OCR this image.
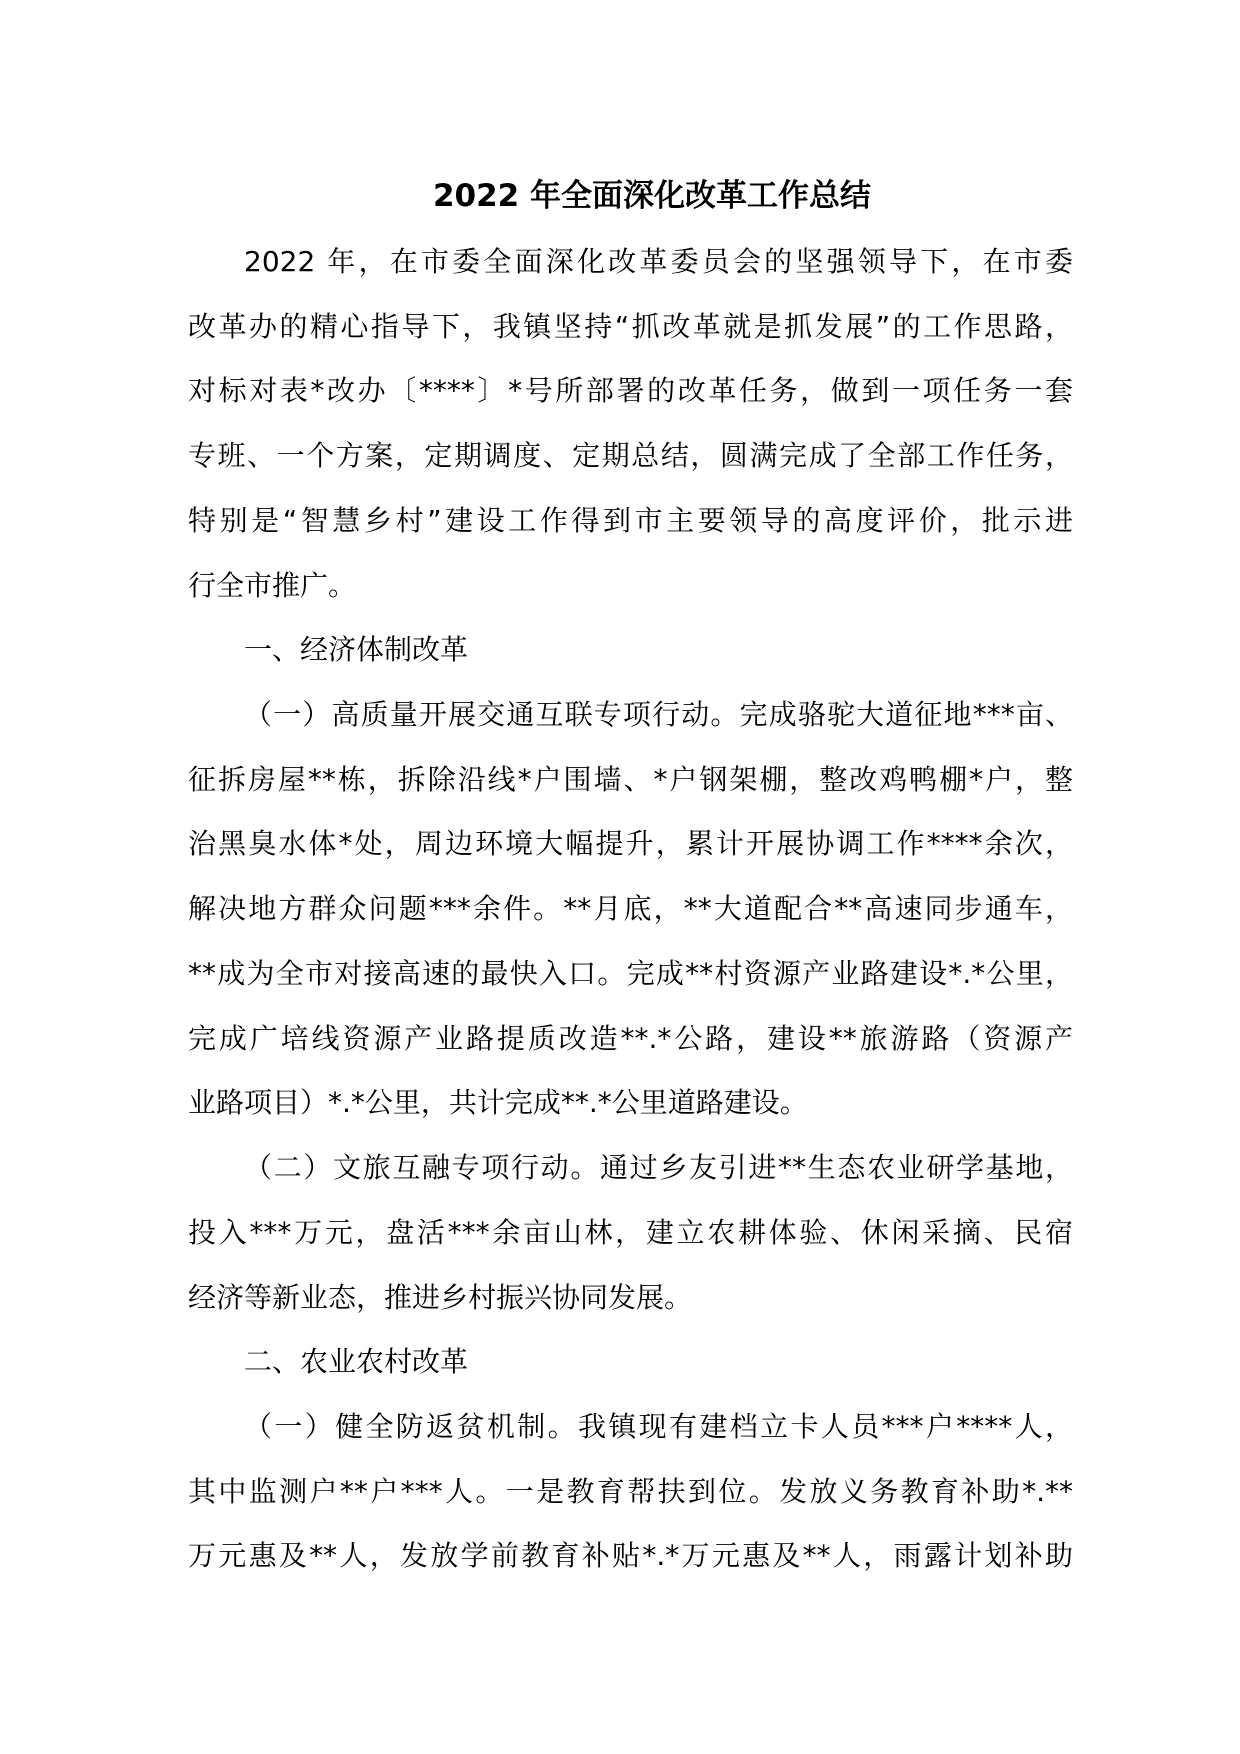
2022 年全面深化改革工作总结
2022 年，在市委全面深化改革委员会的坚强领导下，在市委
改革办的精心指导下，我镇坚持“抓改革就是抓发展”的工作思路，
对标对表*改办〔****〕*号所部署的改革任务，做到一项任务一套
专班、一个方案，定期调度、定期总结，圆满完成了全部工作任务，
特别是“智慧乡村”建设工作得到市主要领导的高度评价，批示进
行全市推广。
一、经济体制改革
（一）高质量开展交通互联专项行动。完成骆驼大道征地***亩、
征拆房屋**栋，拆除沿线*户围墙、*户钢架棚，整改鸡鸭棚*户，整
治黑臭水体*处，周边环境大幅提升，累计开展协调工作****余次，
解决地方群众问题***余件。**月底，**大道配合**高速同步通车，
**成为全市对接高速的最快入口。完成**村资源产业路建设*.*公里，
完成广培线资源产业路提质改造**.*公路，建设**旅游路（资源产
业路项目）*.*公里，共计完成**.*公里道路建设。
（二）文旅互融专项行动。通过乡友引进**生态农业研学基地，
投入***万元，盘活***余亩山林，建立农耕体验、休闲采摘、民宿
经济等新业态，推进乡村振兴协同发展。
二、农业农村改革
（一）健全防返贫机制。我镇现有建档立卡人员***户****人，
其中监测户**户***人。一是教育帮扶到位。发放义务教育补助*.**
万元惠及**人，发放学前教育补贴*.*万元惠及**人，雨露计划补助
